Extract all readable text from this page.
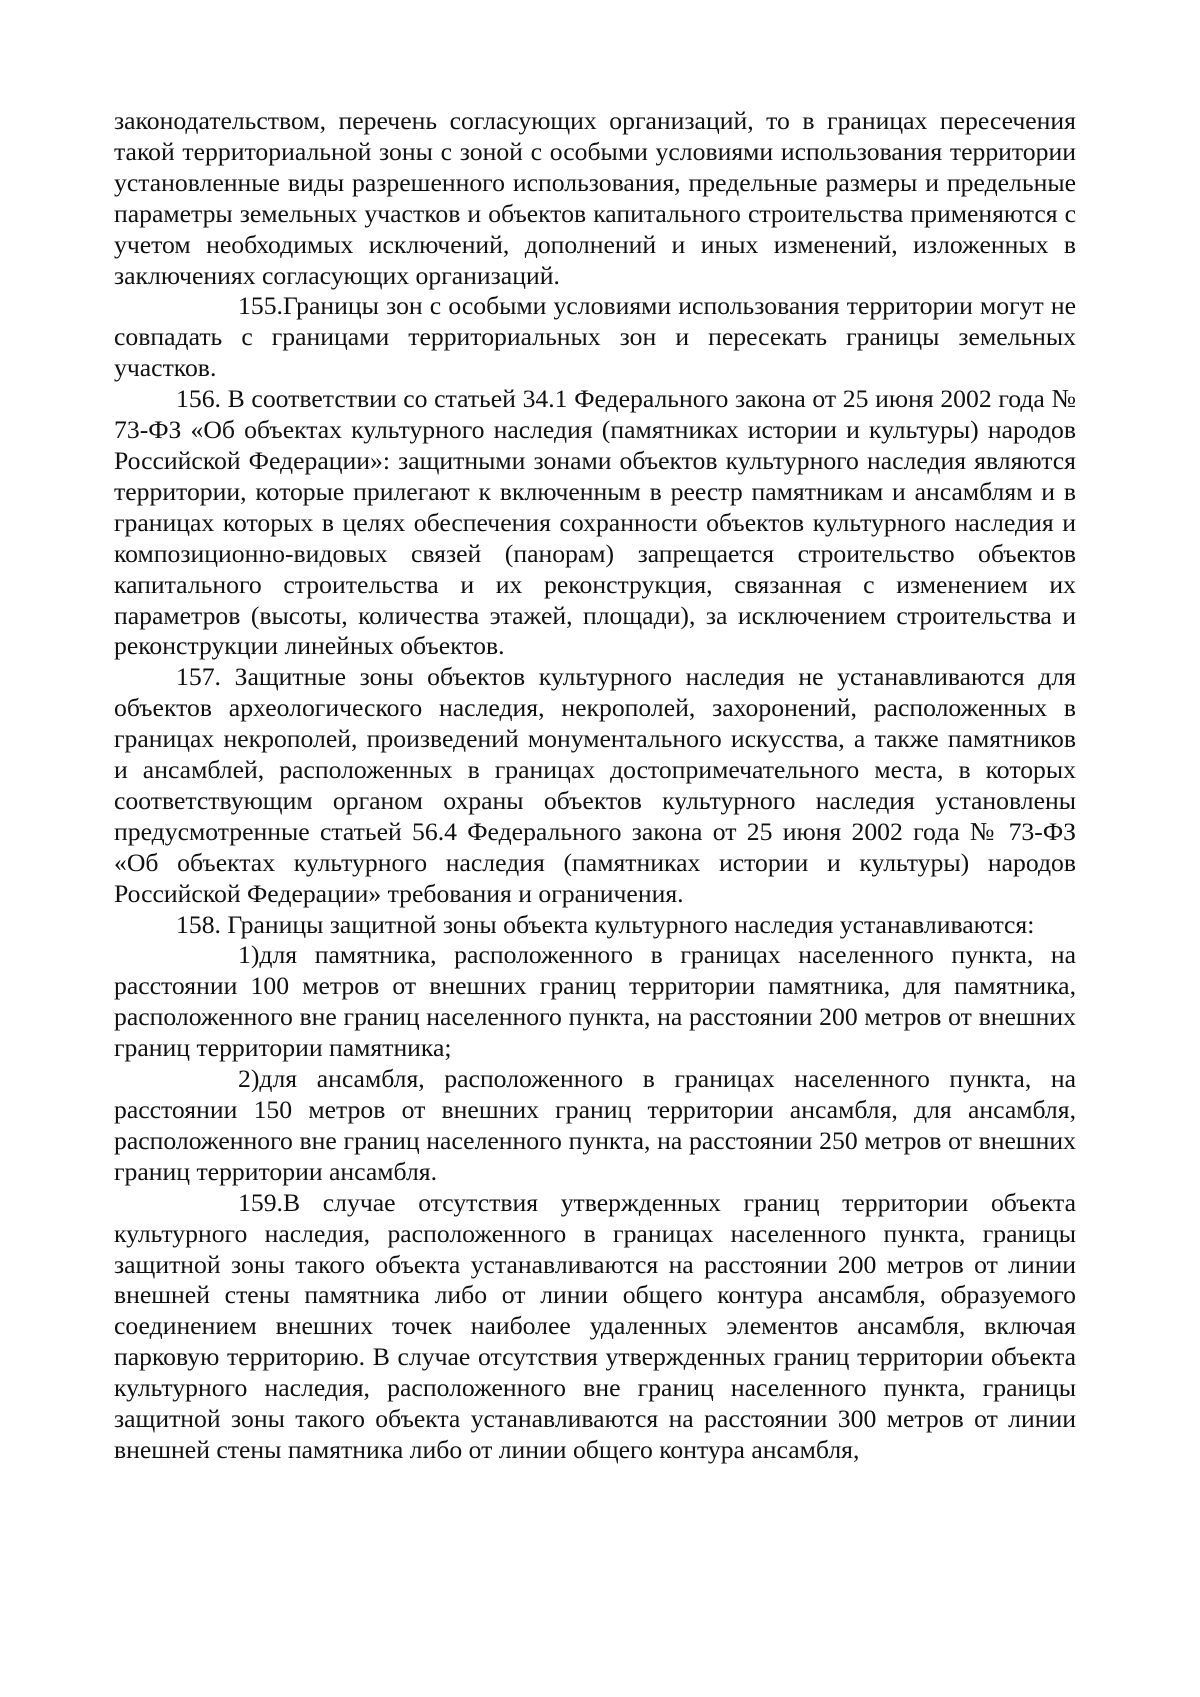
законодательством, перечень согласующих организаций, то в границах пересечения такой территориальной зоны с зоной с особыми условиями использования территории установленные виды разрешенного использования, предельные размеры и предельные параметры земельных участков и объектов капитального строительства применяются с учетом необходимых исключений, дополнений и иных изменений, изложенных в заключениях согласующих организаций.

155.Границы зон с особыми условиями использования территории могут не совпадать с границами территориальных зон и пересекать границы земельных участков.

156. В соответствии со статьей 34.1 Федерального закона от 25 июня 2002 года № 73-ФЗ «Об объектах культурного наследия (памятниках истории и культуры) народов Российской Федерации»: защитными зонами объектов культурного наследия являются территории, которые прилегают к включенным в реестр памятникам и ансамблям и в границах которых в целях обеспечения сохранности объектов культурного наследия и композиционно-видовых связей (панорам) запрещается строительство объектов капитального строительства и их реконструкция, связанная с изменением их параметров (высоты, количества этажей, площади), за исключением строительства и реконструкции линейных объектов.

157. Защитные зоны объектов культурного наследия не устанавливаются для объектов археологического наследия, некрополей, захоронений, расположенных в границах некрополей, произведений монументального искусства, а также памятников и ансамблей, расположенных в границах достопримечательного места, в которых соответствующим органом охраны объектов культурного наследия установлены предусмотренные статьей 56.4 Федерального закона от 25 июня 2002 года № 73-ФЗ «Об объектах культурного наследия (памятниках истории и культуры) народов Российской Федерации» требования и ограничения.

158. Границы защитной зоны объекта культурного наследия устанавливаются:

1)для памятника, расположенного в границах населенного пункта, на расстоянии 100 метров от внешних границ территории памятника, для памятника, расположенного вне границ населенного пункта, на расстоянии 200 метров от внешних границ территории памятника;

2)для ансамбля, расположенного в границах населенного пункта, на расстоянии 150 метров от внешних границ территории ансамбля, для ансамбля, расположенного вне границ населенного пункта, на расстоянии 250 метров от внешних границ территории ансамбля.

159.В случае отсутствия утвержденных границ территории объекта культурного наследия, расположенного в границах населенного пункта, границы защитной зоны такого объекта устанавливаются на расстоянии 200 метров от линии внешней стены памятника либо от линии общего контура ансамбля, образуемого соединением внешних точек наиболее удаленных элементов ансамбля, включая парковую территорию. В случае отсутствия утвержденных границ территории объекта культурного наследия, расположенного вне границ населенного пункта, границы защитной зоны такого объекта устанавливаются на расстоянии 300 метров от линии внешней стены памятника либо от линии общего контура ансамбля,
